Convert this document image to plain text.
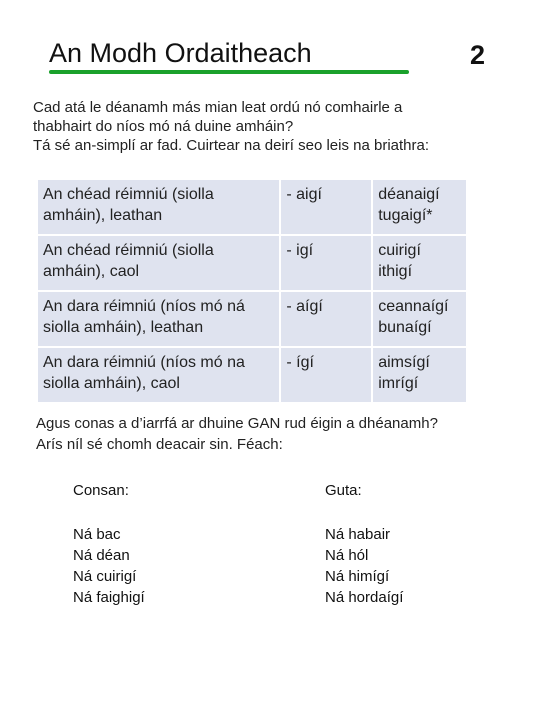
An Modh Ordaitheach	2

Cad atá le déanamh más mian leat ordú nó comhairle a

thabhairt do níos mó ná duine amháin?

Tá sé an-simplí ar fad. Cuirtear na deirí seo leis na briathra:

An chéad réimniú (siolla amháin), leathan	- aigí	déanaigí
tugaigí*

An chéad réimniú (siolla amháin), caol	- igí	cuirigí
ithigí

An dara réimniú (níos mó ná siolla amháin), leathan	- aígí	ceannaígí
bunaígí

An dara réimniú (níos mó na siolla amháin), caol	- ígí	aimsígí
imrígí

Agus conas a d’iarrfá ar dhuine GAN rud éigin a dhéanamh?

Arís níl sé chomh deacair sin. Féach:

Consan:
Ná bac
Ná déan
Ná cuirigí
Ná faighigí
Guta:
Ná habair
Ná hól
Ná himígí
Ná hordaígí
